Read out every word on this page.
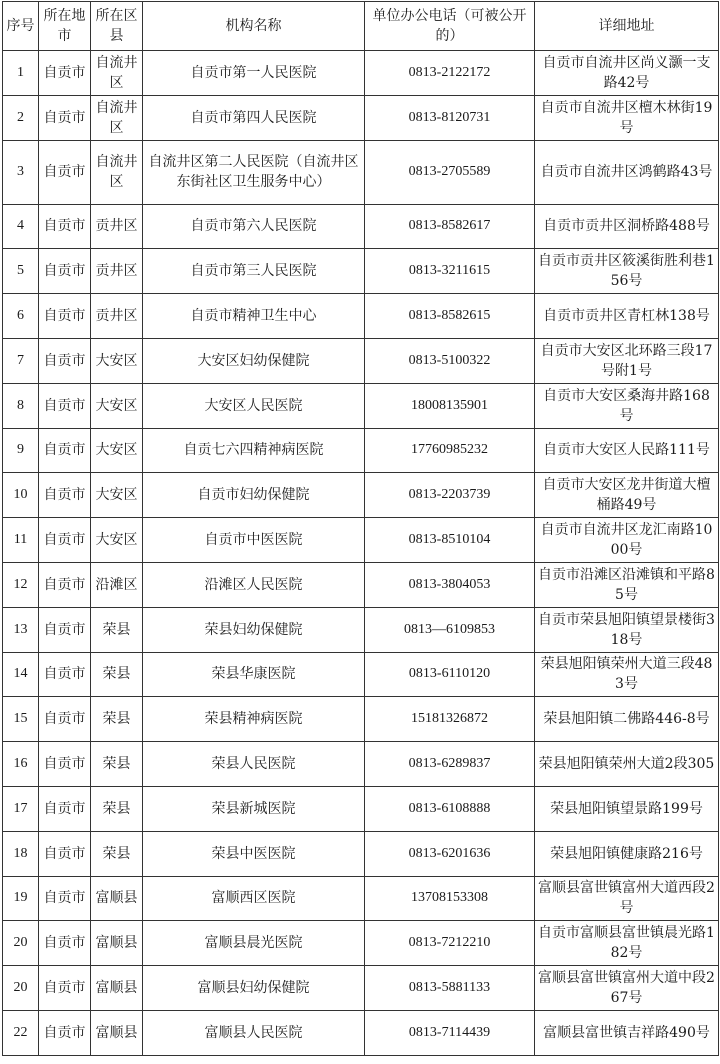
序号	所在地市	所在区县	机构名称	单位办公电话（可被公开的）	详细地址
1	自贡市	自流井区	自贡市第一人民医院	0813-2122172	自贡市自流井区尚义灏一支路42号
2	自贡市	自流井区	自贡市第四人民医院	0813-8120731	自贡市自流井区檀木林街19号
3	自贡市	自流井区	自流井区第二人民医院（自流井区东街社区卫生服务中心）	0813-2705589	自贡市自流井区鸿鹤路43号
4	自贡市	贡井区	自贡市第六人民医院	0813-8582617	自贡市贡井区洞桥路488号
5	自贡市	贡井区	自贡市第三人民医院	0813-3211615	自贡市贡井区筱溪街胜利巷156号
6	自贡市	贡井区	自贡市精神卫生中心	0813-8582615	自贡市贡井区青杠林138号
7	自贡市	大安区	大安区妇幼保健院	0813-5100322	自贡市大安区北环路三段17号附1号
8	自贡市	大安区	大安区人民医院	18008135901	自贡市大安区桑海井路168号
9	自贡市	大安区	自贡七六四精神病医院	17760985232	自贡市大安区人民路111号
10	自贡市	大安区	自贡市妇幼保健院	0813-2203739	自贡市大安区龙井街道大檀桶路49号
11	自贡市	大安区	自贡市中医医院	0813-8510104	自贡市自流井区龙汇南路1000号
12	自贡市	沿滩区	沿滩区人民医院	0813-3804053	自贡市沿滩区沿滩镇和平路85号
13	自贡市	荣县	荣县妇幼保健院	0813—6109853	自贡市荣县旭阳镇望景楼街318号
14	自贡市	荣县	荣县华康医院	0813-6110120	荣县旭阳镇荣州大道三段483号
15	自贡市	荣县	荣县精神病医院	15181326872	荣县旭阳镇二佛路446-8号
16	自贡市	荣县	荣县人民医院	0813-6289837	荣县旭阳镇荣州大道2段305
17	自贡市	荣县	荣县新城医院	0813-6108888	荣县旭阳镇望景路199号
18	自贡市	荣县	荣县中医医院	0813-6201636	荣县旭阳镇健康路216号
19	自贡市	富顺县	富顺西区医院	13708153308	富顺县富世镇富州大道西段2号
20	自贡市	富顺县	富顺县晨光医院	0813-7212210	自贡市富顺县富世镇晨光路182号
20	自贡市	富顺县	富顺县妇幼保健院	0813-5881133	富顺县富世镇富州大道中段267号
22	自贡市	富顺县	富顺县人民医院	0813-7114439	富顺县富世镇吉祥路490号
